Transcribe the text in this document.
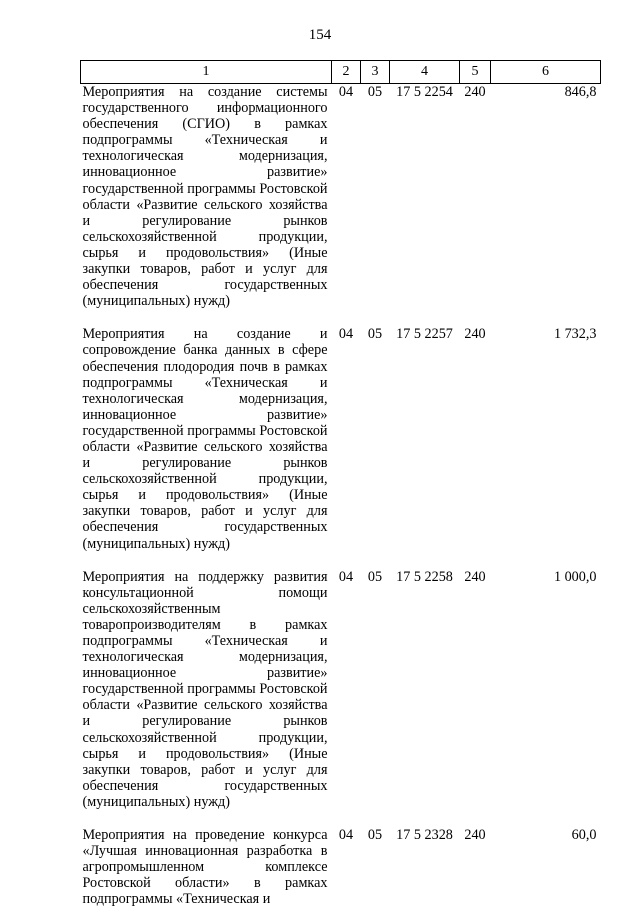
154
1	2	3	4	5	6
Мероприятия на создание системы государственного информационного обеспечения (СГИО) в рамках подпрограммы «Техническая и технологическая модернизация, инновационное развитие» государственной программы Ростовской области «Развитие сельского хозяйства и регулирование рынков сельскохозяйственной продукции, сырья и продовольствия» (Иные закупки товаров, работ и услуг для обеспечения государственных (муниципальных) нужд)	04	05	17 5 2254	240	846,8
Мероприятия на создание и сопровождение банка данных в сфере обеспечения плодородия почв в рамках подпрограммы «Техническая и технологическая модернизация, инновационное развитие» государственной программы Ростовской области «Развитие сельского хозяйства и регулирование рынков сельскохозяйственной продукции, сырья и продовольствия» (Иные закупки товаров, работ и услуг для обеспечения государственных (муниципальных) нужд)	04	05	17 5 2257	240	1 732,3
Мероприятия на поддержку развития консультационной помощи сельскохозяйственным товаропроизводителям в рамках подпрограммы «Техническая и технологическая модернизация, инновационное развитие» государственной программы Ростовской области «Развитие сельского хозяйства и регулирование рынков сельскохозяйственной продукции, сырья и продовольствия» (Иные закупки товаров, работ и услуг для обеспечения государственных (муниципальных) нужд)	04	05	17 5 2258	240	1 000,0
Мероприятия на проведение конкурса «Лучшая инновационная разработка в агропромышленном комплексе Ростовской области» в рамках подпрограммы «Техническая и	04	05	17 5 2328	240	60,0
